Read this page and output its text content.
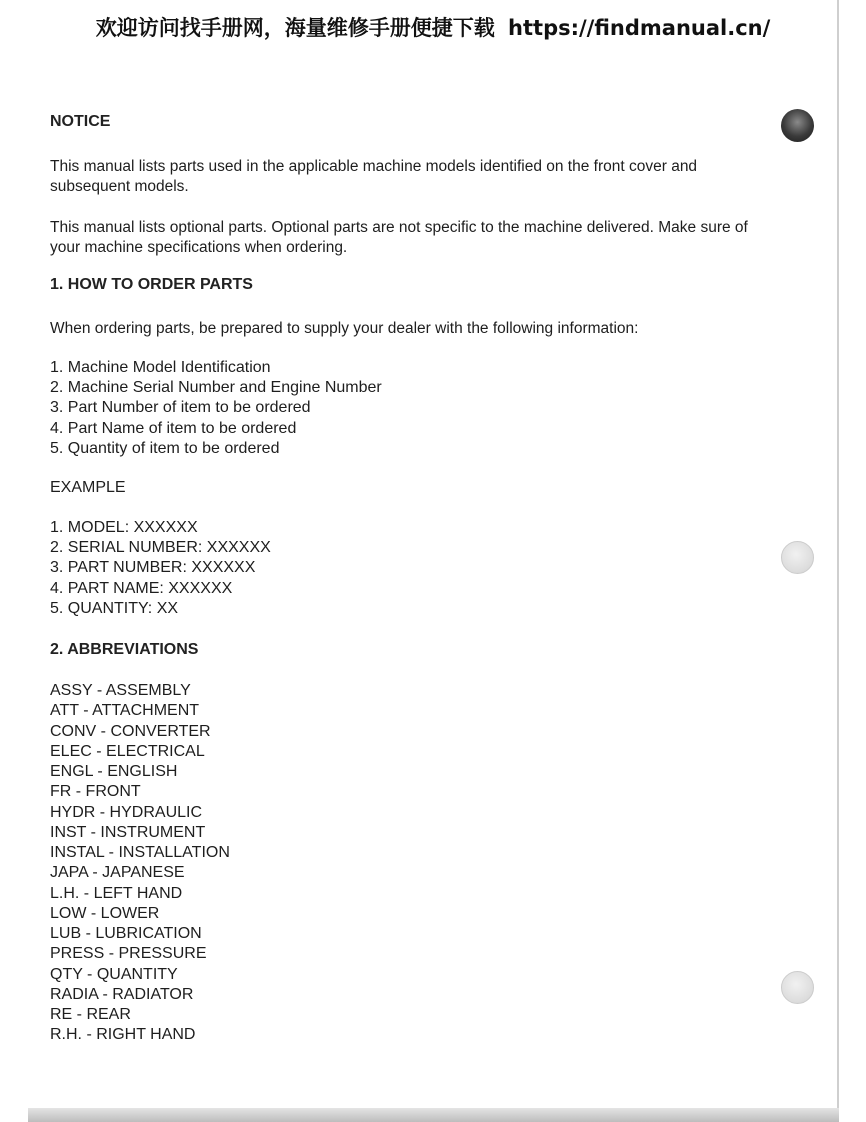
欢迎访问找手册网，海量维修手册便捷下载 https://findmanual.cn/
NOTICE

This manual lists parts used in the applicable machine models identified on the front cover and subsequent models.

This manual lists optional parts. Optional parts are not specific to the machine delivered. Make sure of your machine specifications when ordering.

1. HOW TO ORDER PARTS

When ordering parts, be prepared to supply your dealer with the following information:

1. Machine Model Identification
2. Machine Serial Number and Engine Number
3. Part Number of item to be ordered
4. Part Name of item to be ordered
5. Quantity of item to be ordered

EXAMPLE

1. MODEL: XXXXXX
2. SERIAL NUMBER: XXXXXX
3. PART NUMBER: XXXXXX
4. PART NAME: XXXXXX
5. QUANTITY: XX
2. ABBREVIATIONS
ASSY - ASSEMBLY
ATT - ATTACHMENT
CONV - CONVERTER
ELEC - ELECTRICAL
ENGL - ENGLISH
FR - FRONT
HYDR - HYDRAULIC
INST - INSTRUMENT
INSTAL - INSTALLATION
JAPA - JAPANESE
L.H. - LEFT HAND
LOW - LOWER
LUB - LUBRICATION
PRESS - PRESSURE
QTY - QUANTITY
RADIA - RADIATOR
RE - REAR
R.H. - RIGHT HAND
